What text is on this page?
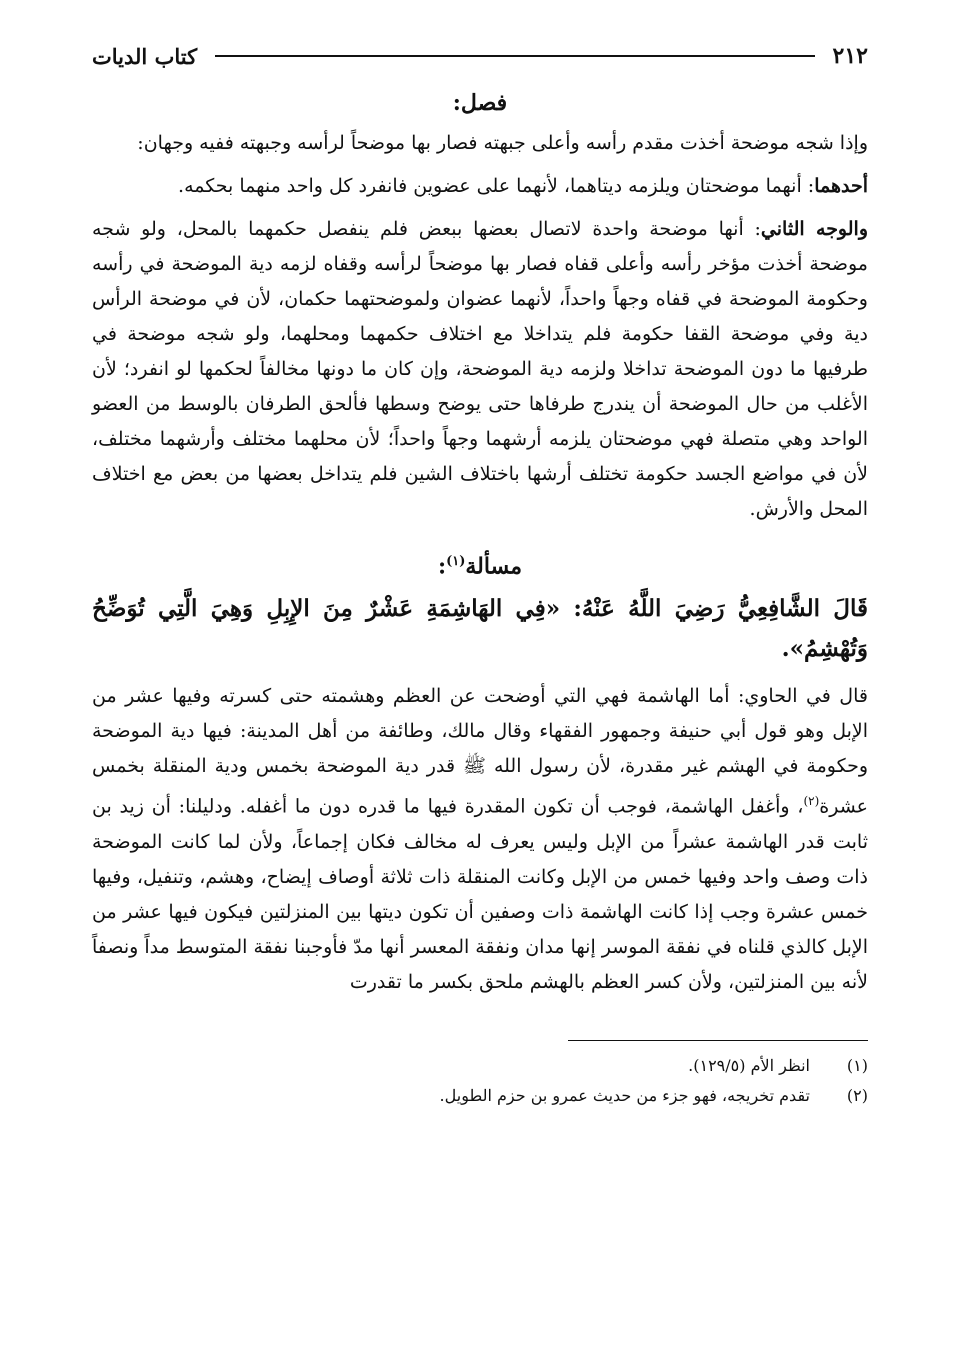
٢١٢
كتاب الديات
فصل:

وإذا شجه موضحة أخذت مقدم رأسه وأعلى جبهته فصار بها موضحاً لرأسه وجبهته ففيه وجهان:

أحدهما: أنهما موضحتان ويلزمه ديتاهما، لأنهما على عضوين فانفرد كل واحد منهما بحكمه.

والوجه الثاني: أنها موضحة واحدة لاتصال بعضها ببعض فلم ينفصل حكمهما بالمحل، ولو شجه موضحة أخذت مؤخر رأسه وأعلى قفاه فصار بها موضحاً لرأسه وقفاه لزمه دية الموضحة في رأسه وحكومة الموضحة في قفاه وجهاً واحداً، لأنهما عضوان ولموضحتهما حكمان، لأن في موضحة الرأس دية وفي موضحة القفا حكومة فلم يتداخلا مع اختلاف حكمهما ومحلهما، ولو شجه موضحة في طرفيها ما دون الموضحة تداخلا ولزمه دية الموضحة، وإن كان ما دونها مخالفاً لحكمها لو انفرد؛ لأن الأغلب من حال الموضحة أن يندرج طرفاها حتى يوضح وسطها فألحق الطرفان بالوسط من العضو الواحد وهي متصلة فهي موضحتان يلزمه أرشهما وجهاً واحداً؛ لأن محلهما مختلف وأرشهما مختلف، لأن في مواضع الجسد حكومة تختلف أرشها باختلاف الشين فلم يتداخل بعضها من بعض مع اختلاف المحل والأرش.

مسألة$^{(١)}$:
قَالَ الشَّافِعِيُّ رَضِيَ اللَّهُ عَنْهُ: «فِي الهَاشِمَةِ عَشْرٌ مِنَ الإِبِلِ وَهِيَ الَّتِي تُوَضِّحُ وَتُهْشِمُ».

قال في الحاوي: أما الهاشمة فهي التي أوضحت عن العظم وهشمته حتى كسرته وفيها عشر من الإبل وهو قول أبي حنيفة وجمهور الفقهاء وقال مالك، وطائفة من أهل المدينة: فيها دية الموضحة وحكومة في الهشم غير مقدرة، لأن رسول الله ﷺ قدر دية الموضحة بخمس ودية المنقلة بخمس عشرة$^{(٢)}$، وأغفل الهاشمة، فوجب أن تكون المقدرة فيها ما قدره دون ما أغفله. ودليلنا: أن زيد بن ثابت قدر الهاشمة عشراً من الإبل وليس يعرف له مخالف فكان إجماعاً، ولأن لما كانت الموضحة ذات وصف واحد وفيها خمس من الإبل وكانت المنقلة ذات ثلاثة أوصاف إيضاح، وهشم، وتنفيل، وفيها خمس عشرة وجب إذا كانت الهاشمة ذات وصفين أن تكون ديتها بين المنزلتين فيكون فيها عشر من الإبل كالذي قلناه في نفقة الموسر إنها مدان ونفقة المعسر أنها مدّ فأوجبنا نفقة المتوسط مداً ونصفاً لأنه بين المنزلتين، ولأن كسر العظم بالهشم ملحق بكسر ما تقدرت

(١)
انظر الأم (١٢٩/٥).
(٢)
تقدم تخريجه، فهو جزء من حديث عمرو بن حزم الطويل.
